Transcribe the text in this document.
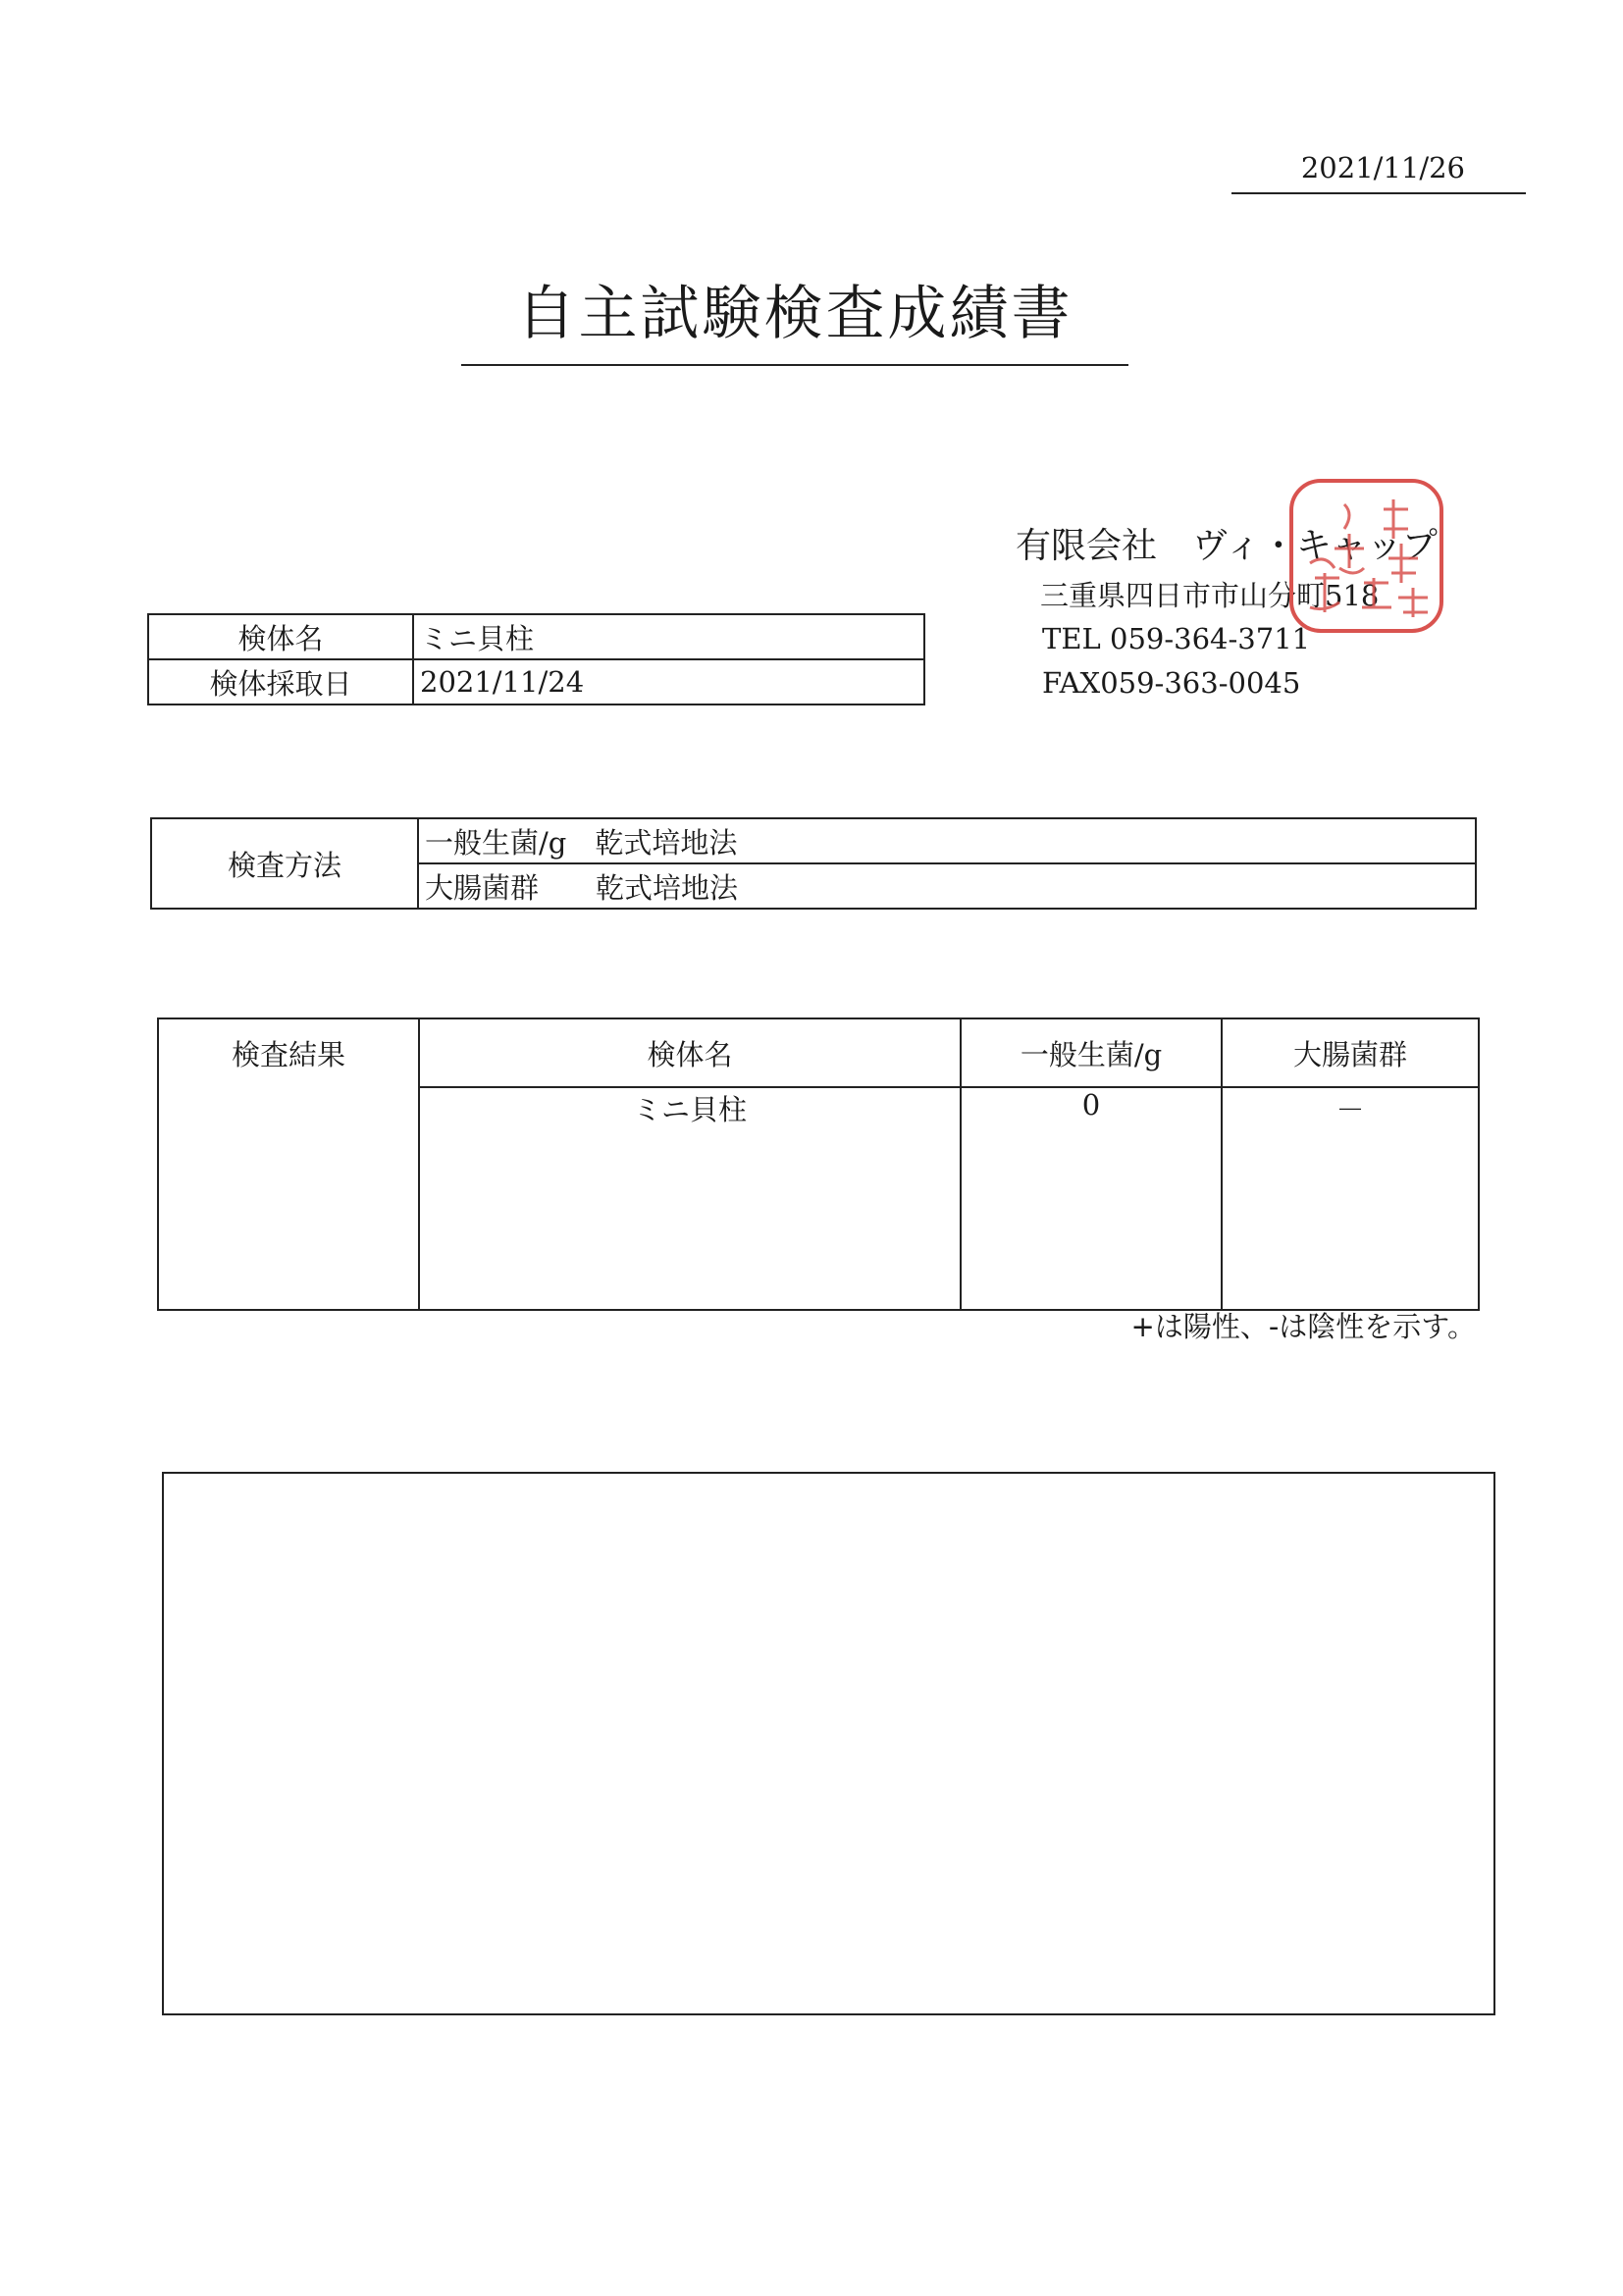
2021/11/26
自主試験検査成績書
有限会社　ヴィ・キャップ
三重県四日市市山分町518
TEL 059-364-3711
FAX059-363-0045
検体名	ミニ貝柱
検体採取日	2021/11/24
検査方法	一般生菌/g　乾式培地法
大腸菌群　　乾式培地法
検査結果	検体名	一般生菌/g	大腸菌群
	ミニ貝柱	0	－
+は陽性、-は陰性を示す。
